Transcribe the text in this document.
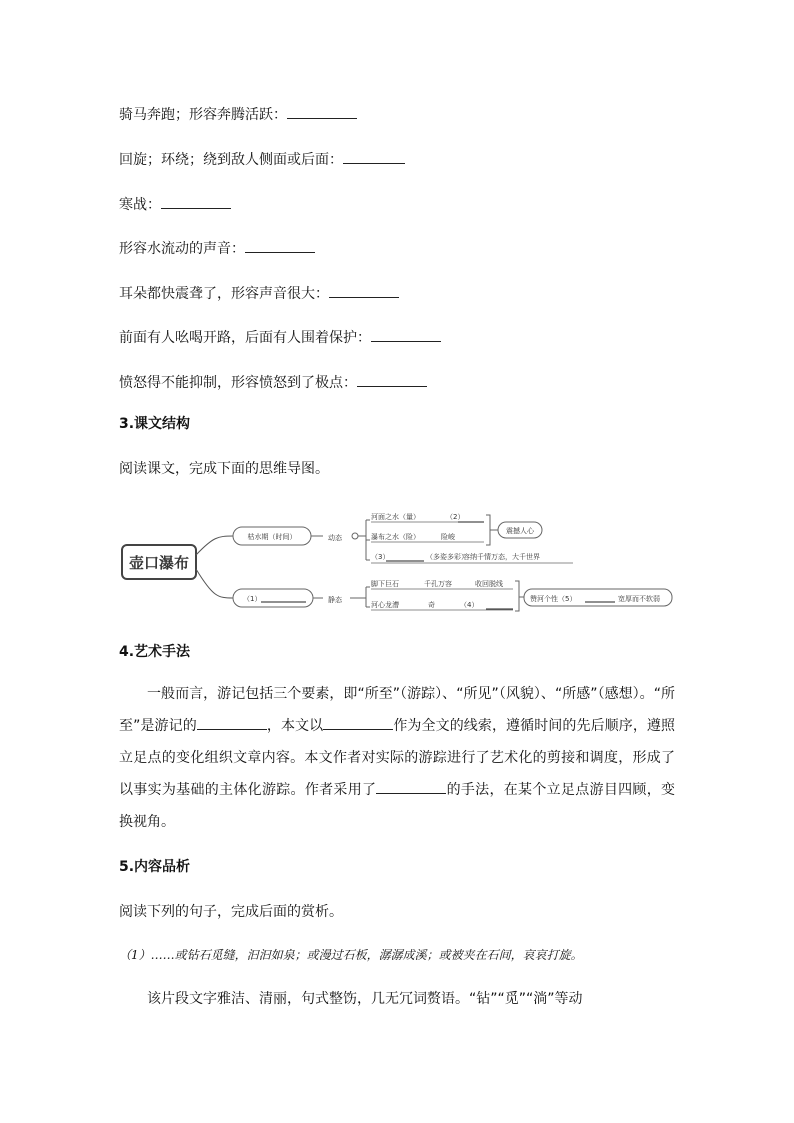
骑马奔跑；形容奔腾活跃：
回旋；环绕；绕到敌人侧面或后面：
寒战：
形容水流动的声音：
耳朵都快震聋了，形容声音很大：
前面有人吆喝开路，后面有人围着保护：
愤怒得不能抑制，形容愤怒到了极点：
3.课文结构
阅读课文，完成下面的思维导图。
壶口瀑布
枯水期（时间）	动态
河面之水（量）	（2）
瀑布之水（险）	险峻
震撼人心
（3）	（多姿多彩）
容纳千情万态，大千世界
（1）	静态
脚下巨石	千孔万容	收回脱线
河心龙漕	奇	（4）
赞河个性（5）	宽厚而不软弱
4.艺术手法
一般而言，游记包括三个要素，即“所至”（游踪）、“所见”（风貌）、“所感”（感想）。“所至”是游记的	，本文以	作为全文的线索，遵循时间的先后顺序，遵照立足点的变化组织文章内容。本文作者对实际的游踪进行了艺术化的剪接和调度，形成了以事实为基础的主体化游踪。作者采用了	的手法，在某个立足点游目四顾，变换视角。
5.内容品析
阅读下列的句子，完成后面的赏析。
（1）……或钻石觅缝，汩汩如泉；或漫过石板，潺潺成溪；或被夹在石间，哀哀打旋。
该片段文字雅洁、清丽，句式整饬，几无冗词赘语。“钻”“觅”“淌”等动
